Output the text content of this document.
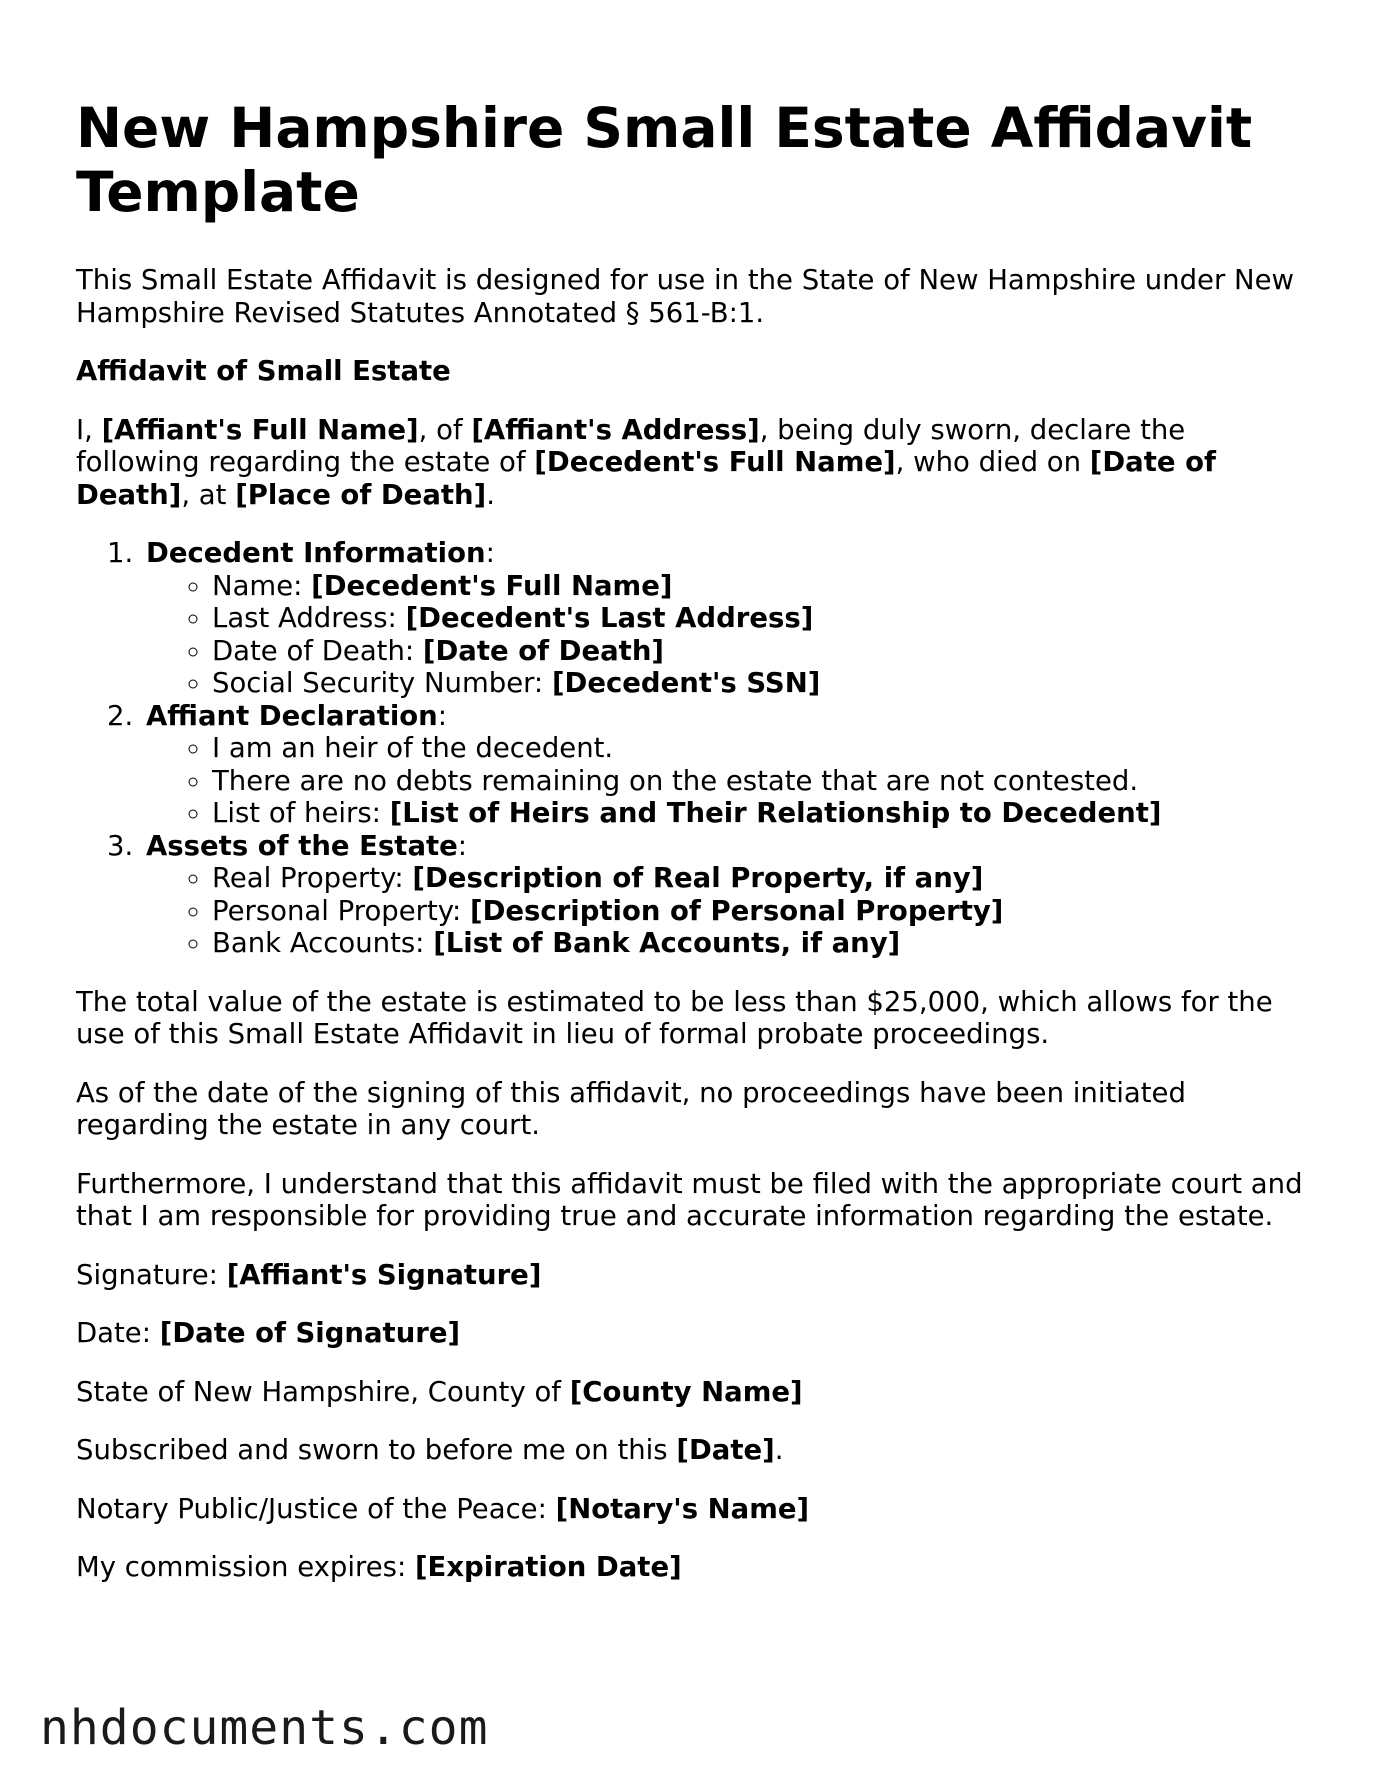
New Hampshire Small Estate Affidavit Template

This Small Estate Affidavit is designed for use in the State of New Hampshire under New Hampshire Revised Statutes Annotated § 561-B:1.

Affidavit of Small Estate

I, [Affiant's Full Name], of [Affiant's Address], being duly sworn, declare the following regarding the estate of [Decedent's Full Name], who died on [Date of Death], at [Place of Death].

1. Decedent Information:
◦ Name: [Decedent's Full Name]
◦ Last Address: [Decedent's Last Address]
◦ Date of Death: [Date of Death]
◦ Social Security Number: [Decedent's SSN]
2. Affiant Declaration:
◦ I am an heir of the decedent.
◦ There are no debts remaining on the estate that are not contested.
◦ List of heirs: [List of Heirs and Their Relationship to Decedent]
3. Assets of the Estate:
◦ Real Property: [Description of Real Property, if any]
◦ Personal Property: [Description of Personal Property]
◦ Bank Accounts: [List of Bank Accounts, if any]

The total value of the estate is estimated to be less than $25,000, which allows for the use of this Small Estate Affidavit in lieu of formal probate proceedings.

As of the date of the signing of this affidavit, no proceedings have been initiated regarding the estate in any court.

Furthermore, I understand that this affidavit must be filed with the appropriate court and that I am responsible for providing true and accurate information regarding the estate.

Signature: [Affiant's Signature]

Date: [Date of Signature]

State of New Hampshire, County of [County Name]

Subscribed and sworn to before me on this [Date].

Notary Public/Justice of the Peace: [Notary's Name]

My commission expires: [Expiration Date]

nhdocuments.com
